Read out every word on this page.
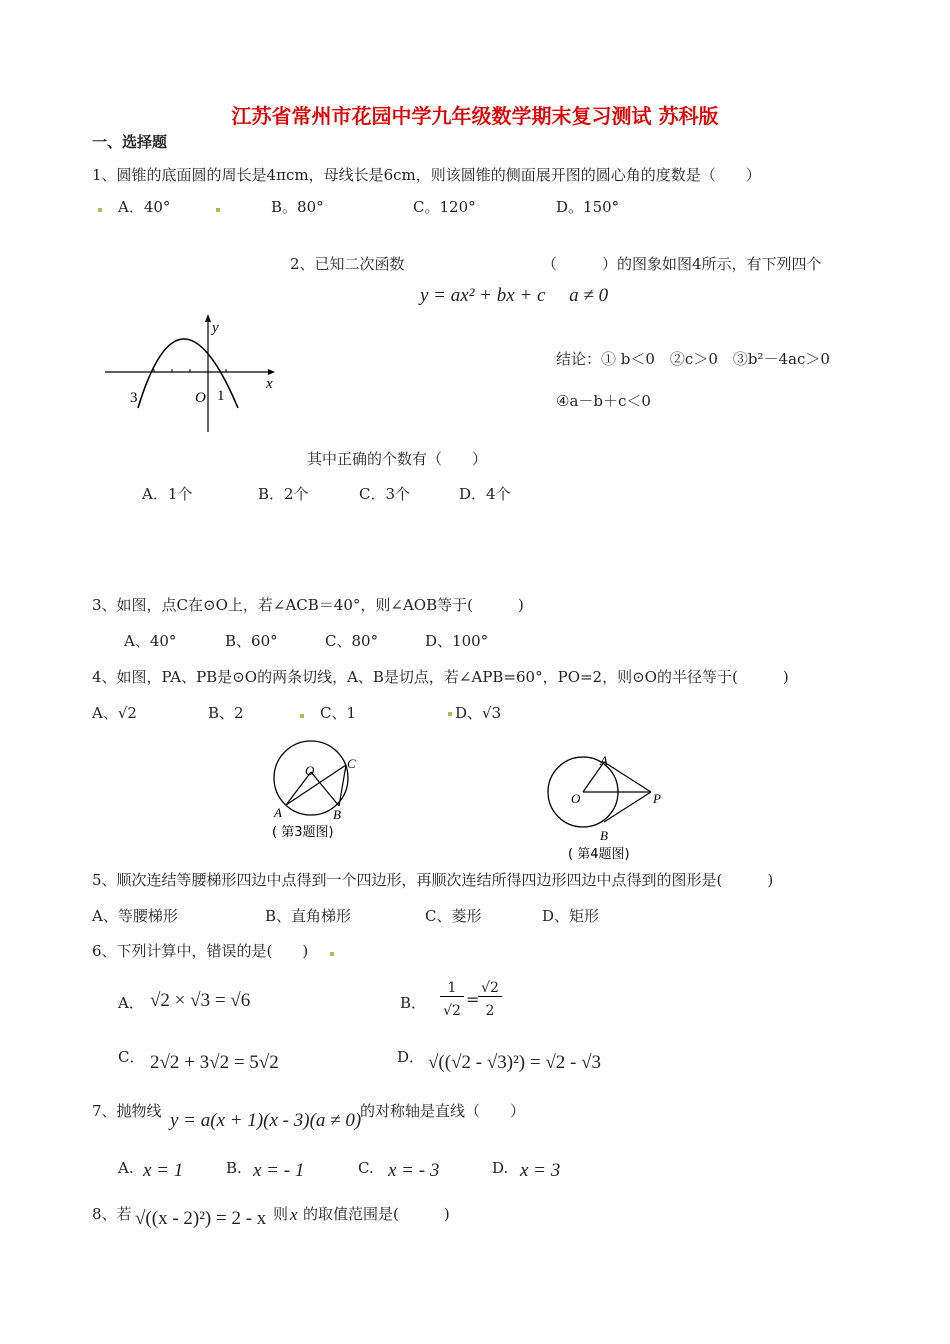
江苏省常州市花园中学九年级数学期末复习测试 苏科版
一、选择题
1、圆锥的底面圆的周长是4πcm，母线长是6cm，则该圆锥的侧面展开图的圆心角的度数是（　　）
A．40°	B。80°	C。120°	D。150°
2、已知二次函数	（　　　）的图象如图4所示，有下列四个
y = ax² + bx + c　 a ≠ 0
y
x
O
3	1
结论：① b＜0　②c＞0　③b²－4ac＞0
④a－b＋c＜0
其中正确的个数有（　　）
A．1个	B．2个	C．3个	D．4个
3、如图，点C在⊙O上，若∠ACB＝40°，则∠AOB等于(　　　)
A、40°	B、60°	C、80°	D、100°
4、如图，PA、PB是⊙O的两条切线，A、B是切点，若∠APB=60°，PO=2，则⊙O的半径等于(　　　)
A、√2	B、2	C、1	D、√3
O	C
A	B
( 第3题图)
A
O	P
B
( 第4题图)
5、顺次连结等腰梯形四边中点得到一个四边形，再顺次连结所得四边形四边中点得到的图形是(　　　)
A、等腰梯形	B、直角梯形	C、菱形	D、矩形
6、下列计算中，错误的是(　　)
A． √2 × √3 = √6	B．
1
√2
=
√2
2
C． 2√2 + 3√2 = 5√2	D． √((√2 - √3)²) = √2 - √3
7、抛物线 y = a(x + 1)(x - 3)(a ≠ 0)
的对称轴是直线（　　）
A. x = 1	B. x = - 1	C. x = - 3	D. x = 3
8、若 √((x - 2)²) = 2 - x 则 x 的取值范围是(　　　)
